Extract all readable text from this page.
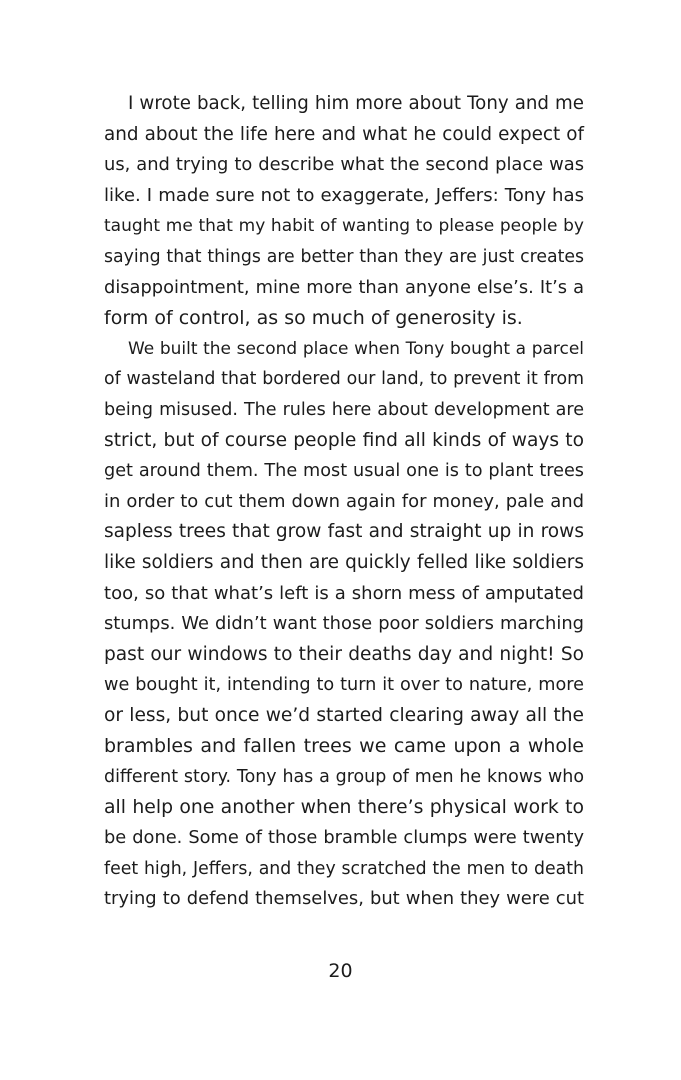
I wrote back, telling him more about Tony and me
and about the life here and what he could expect of
us, and trying to describe what the second place was
like. I made sure not to exaggerate, Jeffers: Tony has
taught me that my habit of wanting to please people by
saying that things are better than they are just creates
disappointment, mine more than anyone else’s. It’s a
form of control, as so much of generosity is.
We built the second place when Tony bought a parcel
of wasteland that bordered our land, to prevent it from
being misused. The rules here about development are
strict, but of course people find all kinds of ways to
get around them. The most usual one is to plant trees
in order to cut them down again for money, pale and
sapless trees that grow fast and straight up in rows
like soldiers and then are quickly felled like soldiers
too, so that what’s left is a shorn mess of amputated
stumps. We didn’t want those poor soldiers marching
past our windows to their deaths day and night! So
we bought it, intending to turn it over to nature, more
or less, but once we’d started clearing away all the
brambles and fallen trees we came upon a whole
different story. Tony has a group of men he knows who
all help one another when there’s physical work to
be done. Some of those bramble clumps were twenty
feet high, Jeffers, and they scratched the men to death
trying to defend themselves, but when they were cut
20
